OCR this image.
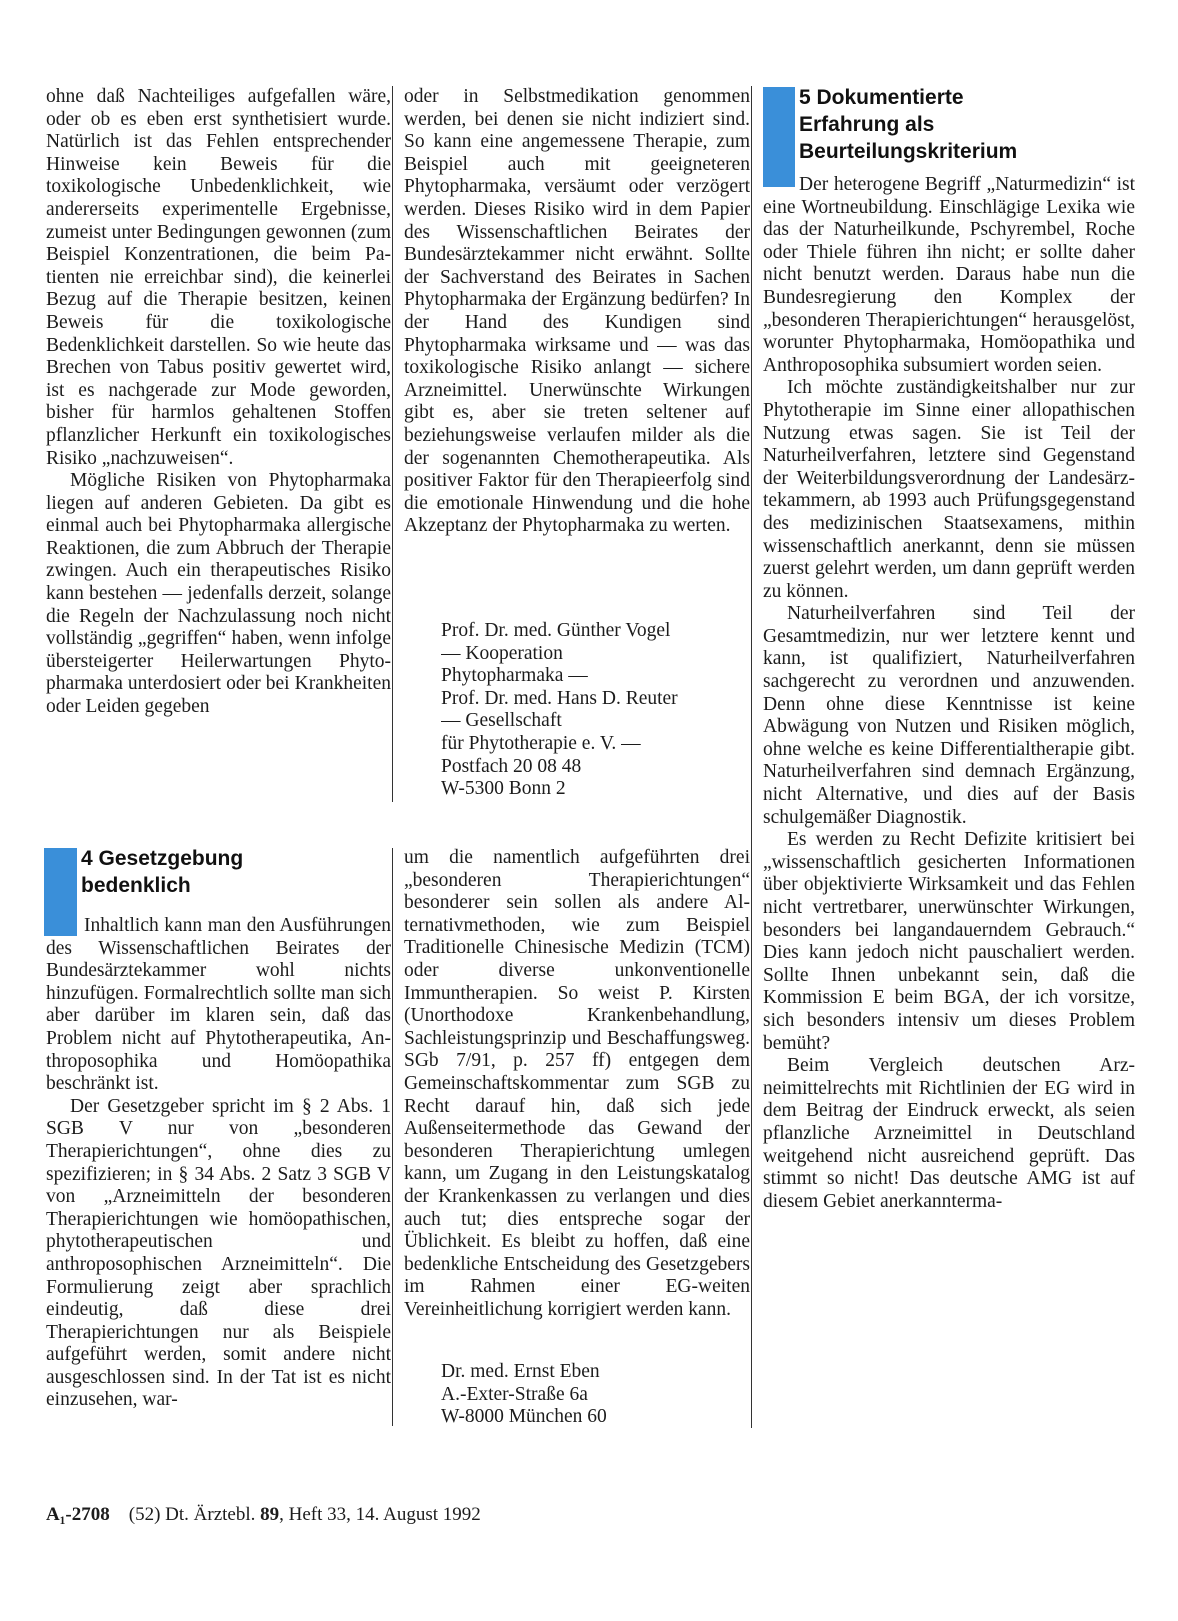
ohne daß Nachteiliges aufgefallen wäre, oder ob es eben erst synthetisiert wurde. Natürlich ist das Fehlen entsprechender Hinweise kein Beweis für die toxikologische Unbedenklichkeit, wie andererseits experimentelle Ergebnisse, zumeist unter Bedingungen gewonnen (zum Beispiel Konzentrationen, die beim Patienten nie erreichbar sind), die keinerlei Bezug auf die Therapie besitzen, keinen Beweis für die toxikologische Bedenklichkeit darstellen. So wie heute das Brechen von Tabus positiv gewertet wird, ist es nachgerade zur Mode geworden, bisher für harmlos gehaltenen Stoffen pflanzlicher Herkunft ein toxikologisches Risiko „nachzuweisen“.

Mögliche Risiken von Phytopharmaka liegen auf anderen Gebieten. Da gibt es einmal auch bei Phytopharmaka allergische Reaktionen, die zum Abbruch der Therapie zwingen. Auch ein therapeutisches Risiko kann bestehen — jedenfalls derzeit, solange die Regeln der Nachzulassung noch nicht vollständig „gegriffen“ haben, wenn infolge übersteigerter Heilerwartungen Phytopharmaka unterdosiert oder bei Krankheiten oder Leiden gegeben

4 Gesetzgebung
bedenklich

Inhaltlich kann man den Ausführungen des Wissenschaftlichen Beirates der Bundesärztekammer wohl nichts hinzufügen. Formalrechtlich sollte man sich aber darüber im klaren sein, daß das Problem nicht auf Phytotherapeutika, Anthroposophika und Homöopathika beschränkt ist.

Der Gesetzgeber spricht im § 2 Abs. 1 SGB V nur von „besonderen Therapierichtungen“, ohne dies zu spezifizieren; in § 34 Abs. 2 Satz 3 SGB V von „Arzneimitteln der besonderen Therapierichtungen wie homöopathischen, phytotherapeutischen und anthroposophischen Arzneimitteln“. Die Formulierung zeigt aber sprachlich eindeutig, daß diese drei Therapierichtungen nur als Beispiele aufgeführt werden, somit andere nicht ausgeschlossen sind. In der Tat ist es nicht einzusehen, war-

oder in Selbstmedikation genommen werden, bei denen sie nicht indiziert sind. So kann eine angemessene Therapie, zum Beispiel auch mit geeigneteren Phytopharmaka, versäumt oder verzögert werden. Dieses Risiko wird in dem Papier des Wissenschaftlichen Beirates der Bundesärztekammer nicht erwähnt. Sollte der Sachverstand des Beirates in Sachen Phytopharmaka der Ergänzung bedürfen? In der Hand des Kundigen sind Phytopharmaka wirksame und — was das toxikologische Risiko anlangt — sichere Arzneimittel. Unerwünschte Wirkungen gibt es, aber sie treten seltener auf beziehungsweise verlaufen milder als die der sogenannten Chemotherapeutika. Als positiver Faktor für den Therapieerfolg sind die emotionale Hinwendung und die hohe Akzeptanz der Phytopharmaka zu werten.

Prof. Dr. med. Günther Vogel

— Kooperation

Phytopharmaka —

Prof. Dr. med. Hans D. Reuter

— Gesellschaft

für Phytotherapie e. V. —

Postfach 20 08 48

W-5300 Bonn 2

um die namentlich aufgeführten drei „besonderen Therapierichtungen“ besonderer sein sollen als andere Alternativmethoden, wie zum Beispiel Traditionelle Chinesische Medizin (TCM) oder diverse unkonventionelle Immuntherapien. So weist P. Kirsten (Unorthodoxe Krankenbehandlung, Sachleistungsprinzip und Beschaffungsweg. SGb 7/91, p. 257 ff) entgegen dem Gemeinschaftskommentar zum SGB zu Recht darauf hin, daß sich jede Außenseitermethode das Gewand der besonderen Therapierichtung umlegen kann, um Zugang in den Leistungskatalog der Krankenkassen zu verlangen und dies auch tut; dies entspreche sogar der Üblichkeit. Es bleibt zu hoffen, daß eine bedenkliche Entscheidung des Gesetzgebers im Rahmen einer EG-weiten Vereinheitlichung korrigiert werden kann.

Dr. med. Ernst Eben

A.-Exter-Straße 6a

W-8000 München 60

5 Dokumentierte
Erfahrung als
Beurteilungskriterium

Der heterogene Begriff „Naturmedizin“ ist eine Wortneubildung. Einschlägige Lexika wie das der Naturheilkunde, Pschyrembel, Roche oder Thiele führen ihn nicht; er sollte daher nicht benutzt werden. Daraus habe nun die Bundesregierung den Komplex der „besonderen Therapierichtungen“ herausgelöst, worunter Phytopharmaka, Homöopathika und Anthroposophika subsumiert worden seien.

Ich möchte zuständigkeitshalber nur zur Phytotherapie im Sinne einer allopathischen Nutzung etwas sagen. Sie ist Teil der Naturheilverfahren, letztere sind Gegenstand der Weiterbildungsverordnung der Landesärztekammern, ab 1993 auch Prüfungsgegenstand des medizinischen Staatsexamens, mithin wissenschaftlich anerkannt, denn sie müssen zuerst gelehrt werden, um dann geprüft werden zu können.

Naturheilverfahren sind Teil der Gesamtmedizin, nur wer letztere kennt und kann, ist qualifiziert, Naturheilverfahren sachgerecht zu verordnen und anzuwenden. Denn ohne diese Kenntnisse ist keine Abwägung von Nutzen und Risiken möglich, ohne welche es keine Differentialtherapie gibt. Naturheilverfahren sind demnach Ergänzung, nicht Alternative, und dies auf der Basis schulgemäßer Diagnostik.

Es werden zu Recht Defizite kritisiert bei „wissenschaftlich gesicherten Informationen über objektivierte Wirksamkeit und das Fehlen nicht vertretbarer, unerwünschter Wirkungen, besonders bei langandauerndem Gebrauch.“ Dies kann jedoch nicht pauschaliert werden. Sollte Ihnen unbekannt sein, daß die Kommission E beim BGA, der ich vorsitze, sich besonders intensiv um dieses Problem bemüht?

Beim Vergleich deutschen Arzneimittelrechts mit Richtlinien der EG wird in dem Beitrag der Eindruck erweckt, als seien pflanzliche Arzneimittel in Deutschland weitgehend nicht ausreichend geprüft. Das stimmt so nicht! Das deutsche AMG ist auf diesem Gebiet anerkanntermа-

A₁-2708 (52) Dt. Ärztebl. 89, Heft 33, 14. August 1992
